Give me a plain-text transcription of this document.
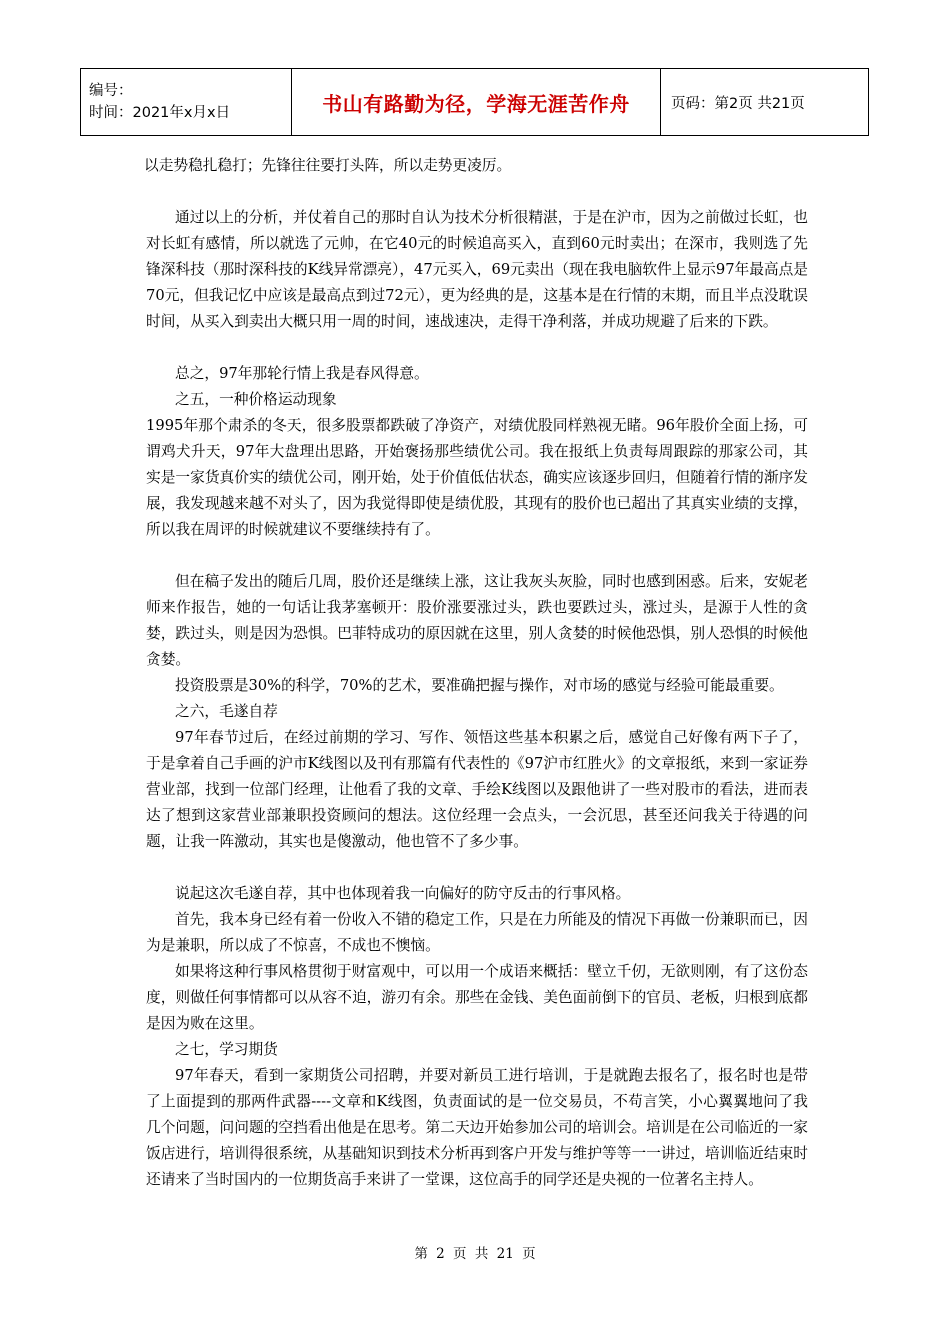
编号：
时间：2021年x月x日	书山有路勤为径，学海无涯苦作舟	页码：第2页 共21页

以走势稳扎稳打；先锋往往要打头阵，所以走势更凌厉。

通过以上的分析，并仗着自己的那时自认为技术分析很精湛，于是在沪市，因为之前做过长虹，也对长虹有感情，所以就选了元帅，在它40元的时候追高买入，直到60元时卖出；在深市，我则选了先锋深科技（那时深科技的K线异常漂亮），47元买入，69元卖出（现在我电脑软件上显示97年最高点是70元，但我记忆中应该是最高点到过72元），更为经典的是，这基本是在行情的末期，而且半点没耽误时间，从买入到卖出大概只用一周的时间，速战速决，走得干净利落，并成功规避了后来的下跌。

总之，97年那轮行情上我是春风得意。

之五，一种价格运动现象

1995年那个肃杀的冬天，很多股票都跌破了净资产，对绩优股同样熟视无睹。96年股价全面上扬，可谓鸡犬升天，97年大盘理出思路，开始褒扬那些绩优公司。我在报纸上负责每周跟踪的那家公司，其实是一家货真价实的绩优公司，刚开始，处于价值低估状态，确实应该逐步回归，但随着行情的渐序发展，我发现越来越不对头了，因为我觉得即使是绩优股，其现有的股价也已超出了其真实业绩的支撑，所以我在周评的时候就建议不要继续持有了。

但在稿子发出的随后几周，股价还是继续上涨，这让我灰头灰脸，同时也感到困惑。后来，安妮老师来作报告，她的一句话让我茅塞顿开：股价涨要涨过头，跌也要跌过头，涨过头，是源于人性的贪婪，跌过头，则是因为恐惧。巴菲特成功的原因就在这里，别人贪婪的时候他恐惧，别人恐惧的时候他贪婪。

投资股票是30%的科学，70%的艺术，要准确把握与操作，对市场的感觉与经验可能最重要。

之六，毛遂自荐

97年春节过后，在经过前期的学习、写作、领悟这些基本积累之后，感觉自己好像有两下子了，于是拿着自己手画的沪市K线图以及刊有那篇有代表性的《97沪市红胜火》的文章报纸，来到一家证券营业部，找到一位部门经理，让他看了我的文章、手绘K线图以及跟他讲了一些对股市的看法，进而表达了想到这家营业部兼职投资顾问的想法。这位经理一会点头，一会沉思，甚至还问我关于待遇的问题，让我一阵激动，其实也是傻激动，他也管不了多少事。

说起这次毛遂自荐，其中也体现着我一向偏好的防守反击的行事风格。

首先，我本身已经有着一份收入不错的稳定工作，只是在力所能及的情况下再做一份兼职而已，因为是兼职，所以成了不惊喜，不成也不懊恼。

如果将这种行事风格贯彻于财富观中，可以用一个成语来概括：壁立千仞，无欲则刚，有了这份态度，则做任何事情都可以从容不迫，游刃有余。那些在金钱、美色面前倒下的官员、老板，归根到底都是因为败在这里。

之七，学习期货

97年春天，看到一家期货公司招聘，并要对新员工进行培训，于是就跑去报名了，报名时也是带了上面提到的那两件武器----文章和K线图，负责面试的是一位交易员，不苟言笑，小心翼翼地问了我几个问题，问问题的空挡看出他是在思考。第二天边开始参加公司的培训会。培训是在公司临近的一家饭店进行，培训得很系统，从基础知识到技术分析再到客户开发与维护等等一一讲过，培训临近结束时还请来了当时国内的一位期货高手来讲了一堂课，这位高手的同学还是央视的一位著名主持人。

第 2 页 共 21 页
